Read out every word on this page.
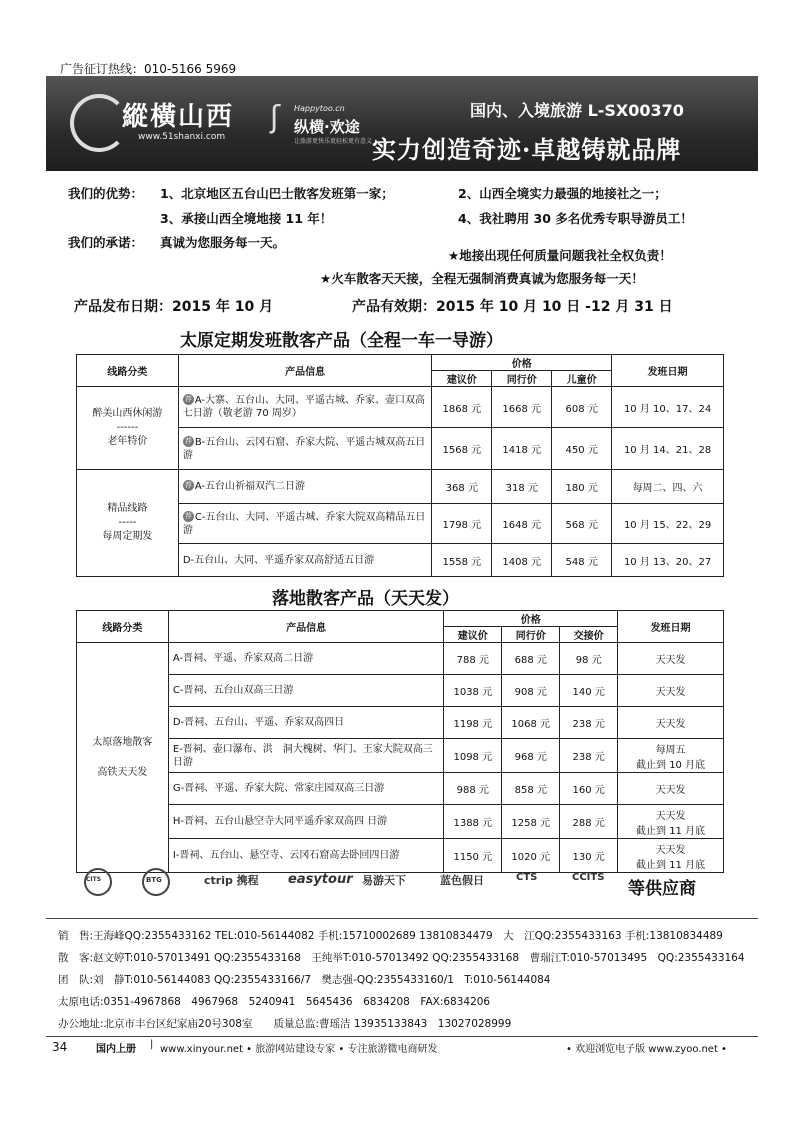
广告征订热线：010-5166 5969
縱橫山西
www.51shanxi.com
ʃ Happytoo.cn
纵横·欢途
让旅游更快乐更轻松更有意义
国内、入境旅游 L-SX00370
实力创造奇迹·卓越铸就品牌
我们的优势： 1、北京地区五台山巴士散客发班第一家；	2、山西全境实力最强的地接社之一；
3、承接山西全境地接 11 年！	4、我社聘用 30 多名优秀专职导游员工！
我们的承诺： 真诚为您服务每一天。
★地接出现任何质量问题我社全权负责！
★火车散客天天接，全程无强制消费真诚为您服务每一天！
产品发布日期：2015 年 10 月	产品有效期：2015 年 10 月 10 日 -12 月 31 日
太原定期发班散客产品（全程一车一导游）
线路分类	产品信息	价格			发班日期
		建议价	同行价	儿童价	

醉美山西休闲游
------
老年特价	荐 A-大寨、五台山、大同、平遥古城、乔家、壶口双高七日游（敬老游 70 周岁）	1868 元	1668 元	608 元	10 月 10、17、24
	荐 B-五台山、云冈石窟、乔家大院、平遥古城双高五日游	1568 元	1418 元	450 元	10 月 14、21、28

精品线路
-----
每周定期发	荐 A-五台山祈福双汽二日游	368 元	318 元	180 元	每周二、四、六
	荐 C-五台山、大同、平遥古城、乔家大院双高精品五日游	1798 元	1648 元	568 元	10 月 15、22、29
	D-五台山、大同、平遥乔家双高舒适五日游	1558 元	1408 元	548 元	10 月 13、20、27
落地散客产品（天天发）
线路分类	产品信息	价格			发班日期
		建议价	同行价	交接价	

太原落地散客
高铁天天发	A-晋祠、平遥、乔家双高二日游	788 元	688 元	98 元	天天发

	C-晋祠、五台山双高三日游	1038 元	908 元	140 元	天天发

	D-晋祠、五台山、平遥、乔家双高四日	1198 元	1068 元	238 元	天天发

	E-晋祠、壶口瀑布、洪　洞大槐树、华门、王家大院双高三日游	1098 元	968 元	238 元	每周五
截止到 10 月底

	G-晋祠、平遥、乔家大院、常家庄园双高三日游	988 元	858 元	160 元	天天发

	H-晋祠、五台山悬空寺大同平遥乔家双高四 日游	1388 元	1258 元	288 元	天天发
截止到 11 月底

	I-晋祠、五台山、悬空寺、云冈石窟高去卧回四日游	1150 元	1020 元	130 元	天天发
截止到 11 月底
CITS	BTG	ctrip 携程 easytour 易游天下	蓝色假日	CTS	CCITS
等供应商
销　售:王海峰QQ:2355433162 TEL:010-56144082 手机:15710002689 13810834479　大　江QQ:2355433163 手机:13810834489
散　客:赵文婷T:010-57013491 QQ:2355433168　王纯举T:010-57013492 QQ:2355433168　曹瑞江T:010-57013495　QQ:2355433164
团　队:刘　静T:010-56144083 QQ:2355433166/7　樊志强-QQ:2355433160/1　T:010-56144084
太原电话:0351-4967868　4967968　5240941　5645436　6834208　FAX:6834206
办公地址:北京市丰台区纪家庙20号308室　　质量总监:曹瑶洁 13935133843　13027028999
34	国内上册 | www.xinyour.net • 旅游网站建设专家 • 专注旅游微电商研发	• 欢迎浏览电子版 www.zyoo.net •
